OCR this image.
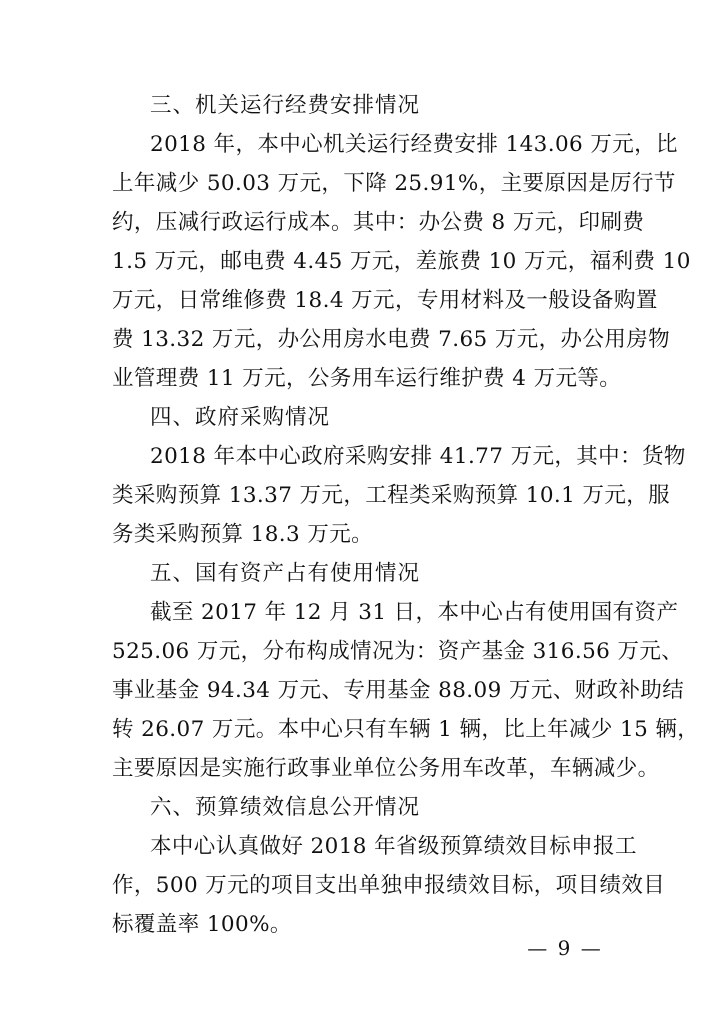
三、机关运行经费安排情况
2018 年，本中心机关运行经费安排 143.06 万元，比
上年减少 50.03 万元，下降 25.91%，主要原因是厉行节
约，压减行政运行成本。其中：办公费 8 万元，印刷费
1.5 万元，邮电费 4.45 万元，差旅费 10 万元，福利费 10
万元，日常维修费 18.4 万元，专用材料及一般设备购置
费 13.32 万元，办公用房水电费 7.65 万元，办公用房物
业管理费 11 万元，公务用车运行维护费 4 万元等。
四、政府采购情况
2018 年本中心政府采购安排 41.77 万元，其中：货物
类采购预算 13.37 万元，工程类采购预算 10.1 万元，服
务类采购预算 18.3 万元。
五、国有资产占有使用情况
截至 2017 年 12 月 31 日，本中心占有使用国有资产
525.06 万元，分布构成情况为：资产基金 316.56 万元、
事业基金 94.34 万元、专用基金 88.09 万元、财政补助结
转 26.07 万元。本中心只有车辆 1 辆，比上年减少 15 辆，
主要原因是实施行政事业单位公务用车改革，车辆减少。
六、预算绩效信息公开情况
本中心认真做好 2018 年省级预算绩效目标申报工
作，500 万元的项目支出单独申报绩效目标，项目绩效目
标覆盖率 100%。
— 9 —
